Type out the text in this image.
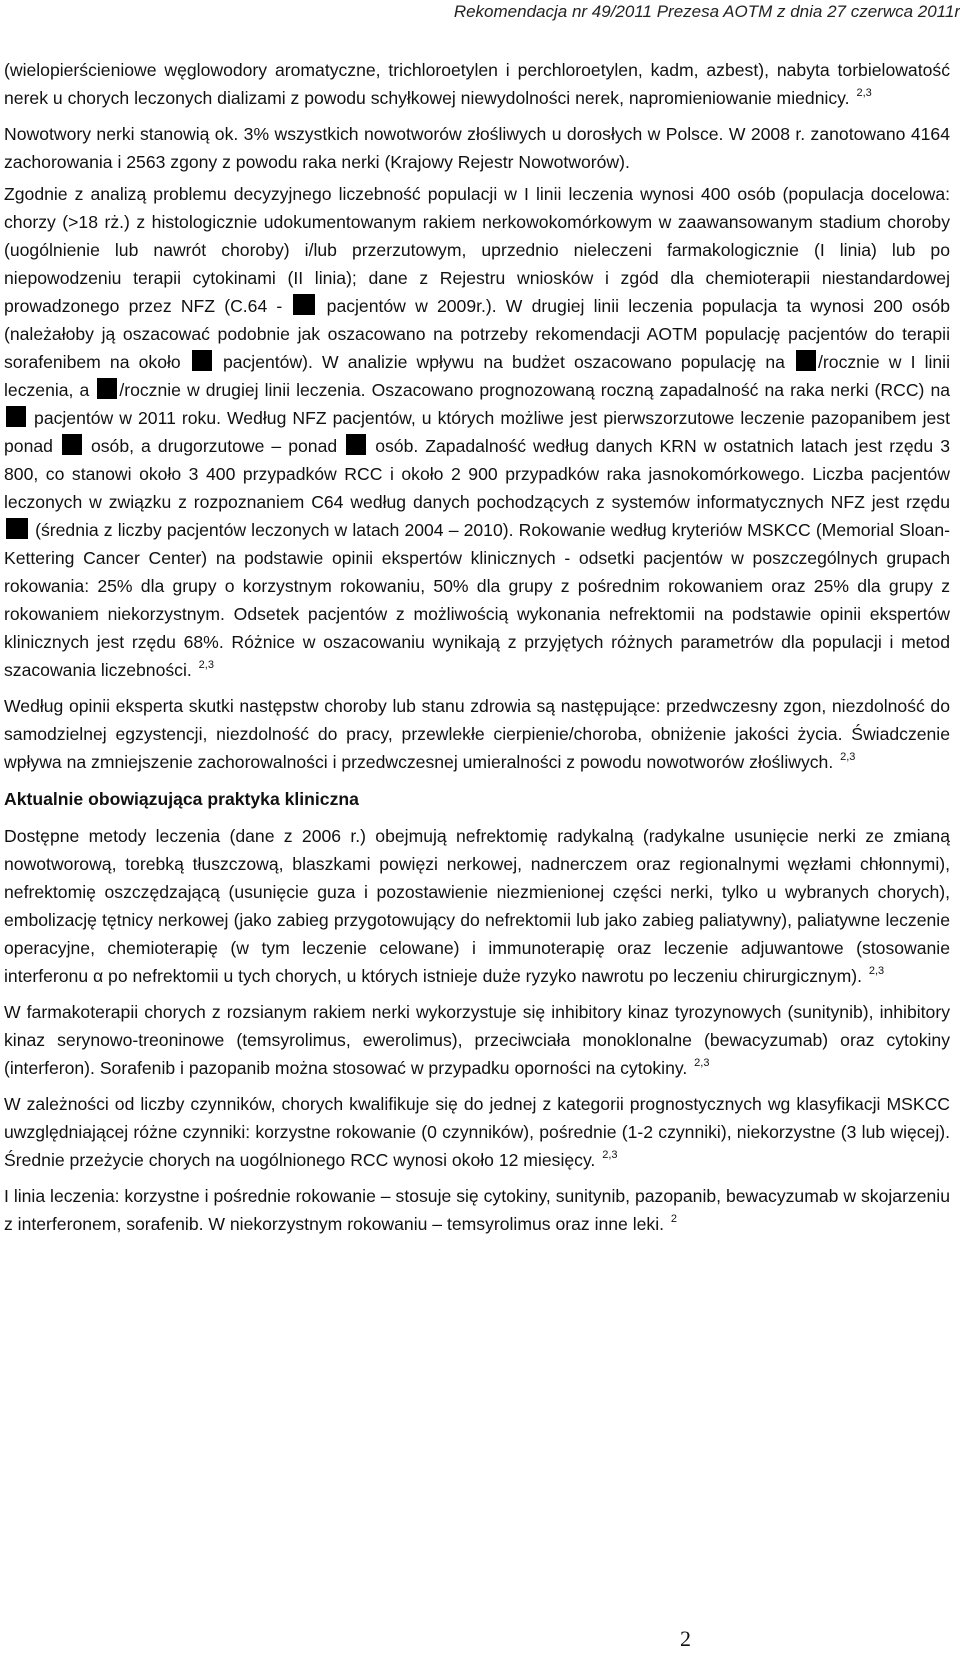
Rekomendacja nr 49/2011 Prezesa AOTM z dnia 27 czerwca 2011r

(wielopierścieniowe węglowodory aromatyczne, trichloroetylen i perchloroetylen, kadm, azbest), nabyta torbielowatość nerek u chorych leczonych dializami z powodu schyłkowej niewydolności nerek, napromieniowanie miednicy. $^{2,3}$

Nowotwory nerki stanowią ok. 3% wszystkich nowotworów złośliwych u dorosłych w Polsce. W 2008 r. zanotowano 4164 zachorowania i 2563 zgony z powodu raka nerki (Krajowy Rejestr Nowotworów).

Zgodnie z analizą problemu decyzyjnego liczebność populacji w I linii leczenia wynosi 400 osób (populacja docelowa: chorzy (>18 rż.) z histologicznie udokumentowanym rakiem nerkowokomórkowym w zaawansowanym stadium choroby (uogólnienie lub nawrót choroby) i/lub przerzutowym, uprzednio nieleczeni farmakologicznie (I linia) lub po niepowodzeniu terapii cytokinami (II linia); dane z Rejestru wniosków i zgód dla chemioterapii niestandardowej prowadzonego przez NFZ (C.64 -	pacjentów w 2009r.). W drugiej linii leczenia populacja ta wynosi 200 osób (należałoby ją oszacować podobnie jak oszacowano na potrzeby rekomendacji AOTM populację pacjentów do terapii sorafenibem na około pacjentów). W analizie wpływu na budżet oszacowano populację na /rocznie w I linii leczenia, a /rocznie w drugiej linii leczenia. Oszacowano prognozowaną roczną zapadalność na raka nerki (RCC) na  pacjentów w 2011 roku. Według NFZ pacjentów, u których możliwe jest pierwszorzutowe leczenie pazopanibem jest ponad osób, a drugorzutowe – ponad osób. Zapadalność według danych KRN w ostatnich latach jest rzędu 3 800, co stanowi około 3 400 przypadków RCC i około 2 900 przypadków raka jasnokomórkowego. Liczba pacjentów leczonych w związku z rozpoznaniem C64 według danych pochodzących z systemów informatycznych NFZ jest rzędu  (średnia z liczby pacjentów leczonych w latach 2004 – 2010). Rokowanie według kryteriów MSKCC (Memorial Sloan-Kettering Cancer Center) na podstawie opinii ekspertów klinicznych - odsetki pacjentów w poszczególnych grupach rokowania: 25% dla grupy o korzystnym rokowaniu, 50% dla grupy z pośrednim rokowaniem oraz 25% dla grupy z rokowaniem niekorzystnym. Odsetek pacjentów z możliwością wykonania nefrektomii na podstawie opinii ekspertów klinicznych jest rzędu 68%. Różnice w oszacowaniu wynikają z przyjętych różnych parametrów dla populacji i metod szacowania liczebności. $^{2,3}$

Według opinii eksperta skutki następstw choroby lub stanu zdrowia są następujące: przedwczesny zgon, niezdolność do samodzielnej egzystencji, niezdolność do pracy, przewlekłe cierpienie/choroba, obniżenie jakości życia. Świadczenie wpływa na zmniejszenie zachorowalności i przedwczesnej umieralności z powodu nowotworów złośliwych. $^{2,3}$

Aktualnie obowiązująca praktyka kliniczna

Dostępne metody leczenia (dane z 2006 r.) obejmują nefrektomię radykalną (radykalne usunięcie nerki ze zmianą nowotworową, torebką tłuszczową, blaszkami powięzi nerkowej, nadnerczem oraz regionalnymi węzłami chłonnymi), nefrektomię oszczędzającą (usunięcie guza i pozostawienie niezmienionej części nerki, tylko u wybranych chorych), embolizację tętnicy nerkowej (jako zabieg przygotowujący do nefrektomii lub jako zabieg paliatywny), paliatywne leczenie operacyjne, chemioterapię (w tym leczenie celowane) i immunoterapię oraz leczenie adjuwantowe (stosowanie interferonu α po nefrektomii u tych chorych, u których istnieje duże ryzyko nawrotu po leczeniu chirurgicznym). $^{2,3}$

W farmakoterapii chorych z rozsianym rakiem nerki wykorzystuje się inhibitory kinaz tyrozynowych (sunitynib), inhibitory kinaz serynowo-treoninowe (temsyrolimus, ewerolimus), przeciwciała monoklonalne (bewacyzumab) oraz cytokiny (interferon). Sorafenib i pazopanib można stosować w przypadku oporności na cytokiny. $^{2,3}$

W zależności od liczby czynników, chorych kwalifikuje się do jednej z kategorii prognostycznych wg klasyfikacji MSKCC uwzględniającej różne czynniki: korzystne rokowanie (0 czynników), pośrednie (1-2 czynniki), niekorzystne (3 lub więcej). Średnie przeżycie chorych na uogólnionego RCC wynosi około 12 miesięcy. $^{2,3}$

I linia leczenia: korzystne i pośrednie rokowanie – stosuje się cytokiny, sunitynib, pazopanib, bewacyzumab w skojarzeniu z interferonem, sorafenib. W niekorzystnym rokowaniu – temsyrolimus oraz inne leki. $^2$

2
